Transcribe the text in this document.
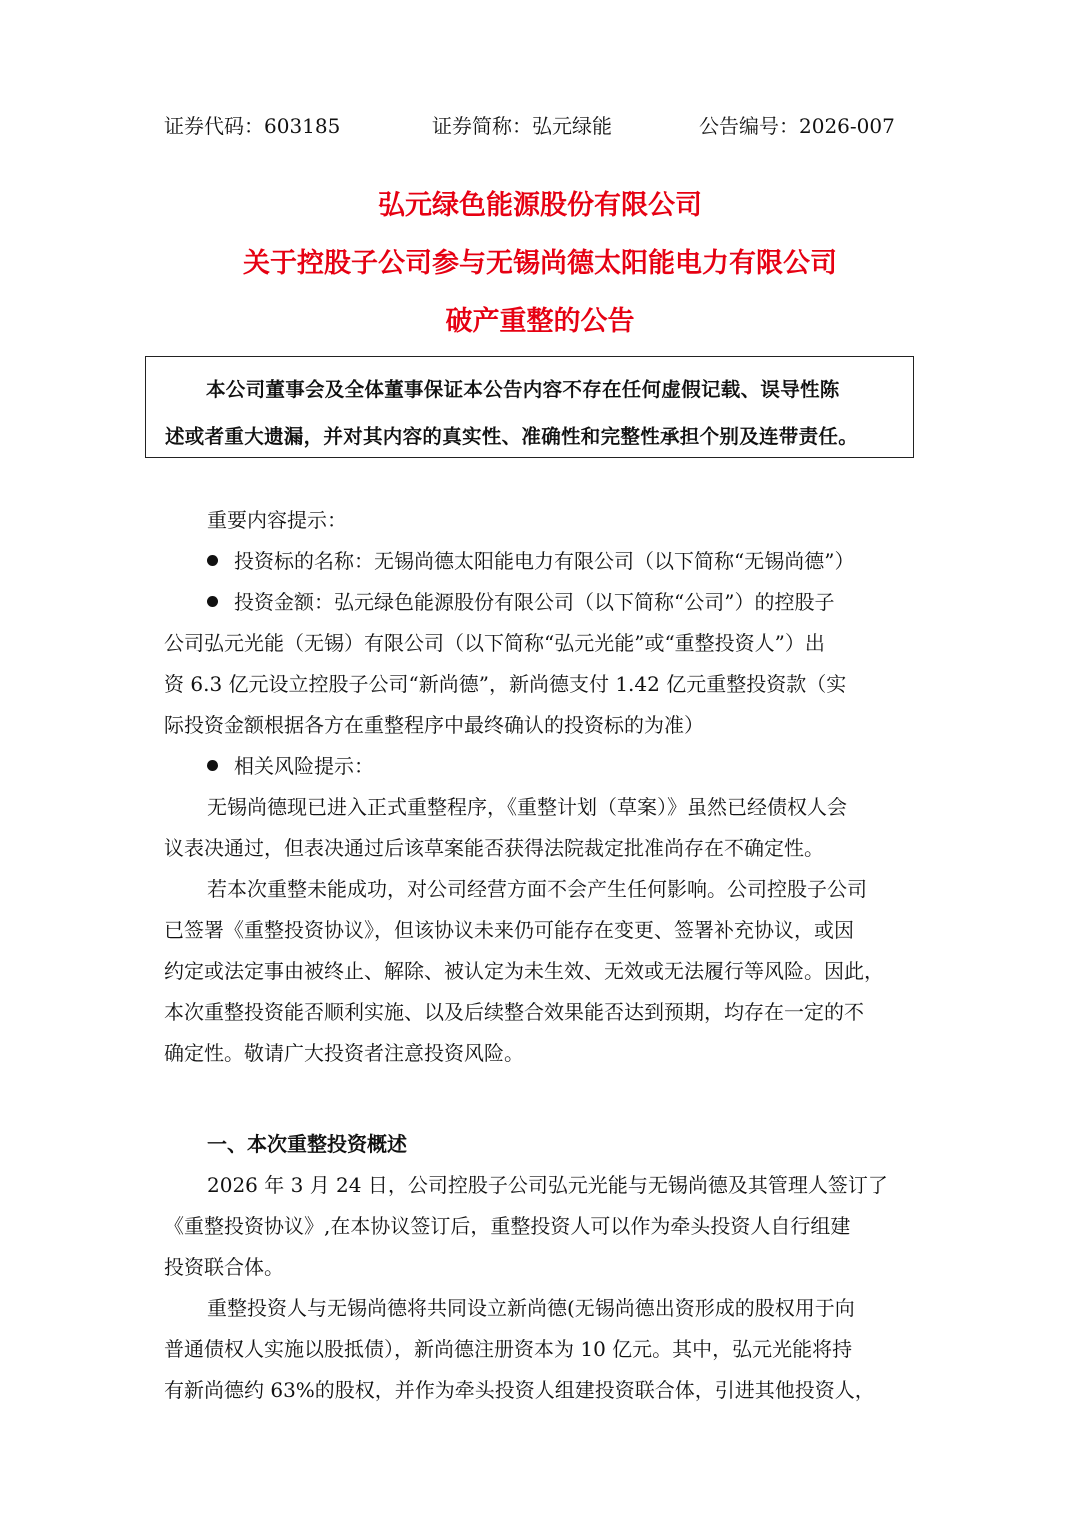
证券代码：603185	证券简称：弘元绿能	公告编号：2026-007
弘元绿色能源股份有限公司
关于控股子公司参与无锡尚德太阳能电力有限公司
破产重整的公告

本公司董事会及全体董事保证本公告内容不存在任何虚假记载、误导性陈

述或者重大遗漏，并对其内容的真实性、准确性和完整性承担个别及连带责任。

重要内容提示：

投资标的名称：无锡尚德太阳能电力有限公司（以下简称“无锡尚德”）

投资金额：弘元绿色能源股份有限公司（以下简称“公司”）的控股子

公司弘元光能（无锡）有限公司（以下简称“弘元光能”或“重整投资人”）出

资 6.3 亿元设立控股子公司“新尚德”，新尚德支付 1.42 亿元重整投资款（实

际投资金额根据各方在重整程序中最终确认的投资标的为准）

相关风险提示：

无锡尚德现已进入正式重整程序，《重整计划（草案）》虽然已经债权人会

议表决通过，但表决通过后该草案能否获得法院裁定批准尚存在不确定性。

若本次重整未能成功，对公司经营方面不会产生任何影响。公司控股子公司

已签署《重整投资协议》，但该协议未来仍可能存在变更、签署补充协议，或因

约定或法定事由被终止、解除、被认定为未生效、无效或无法履行等风险。因此，

本次重整投资能否顺利实施、以及后续整合效果能否达到预期，均存在一定的不

确定性。敬请广大投资者注意投资风险。

一、本次重整投资概述

2026 年 3 月 24 日，公司控股子公司弘元光能与无锡尚德及其管理人签订了

《重整投资协议》,在本协议签订后，重整投资人可以作为牵头投资人自行组建

投资联合体。

重整投资人与无锡尚德将共同设立新尚德(无锡尚德出资形成的股权用于向

普通债权人实施以股抵债），新尚德注册资本为 10 亿元。其中，弘元光能将持

有新尚德约 63%的股权，并作为牵头投资人组建投资联合体，引进其他投资人，
